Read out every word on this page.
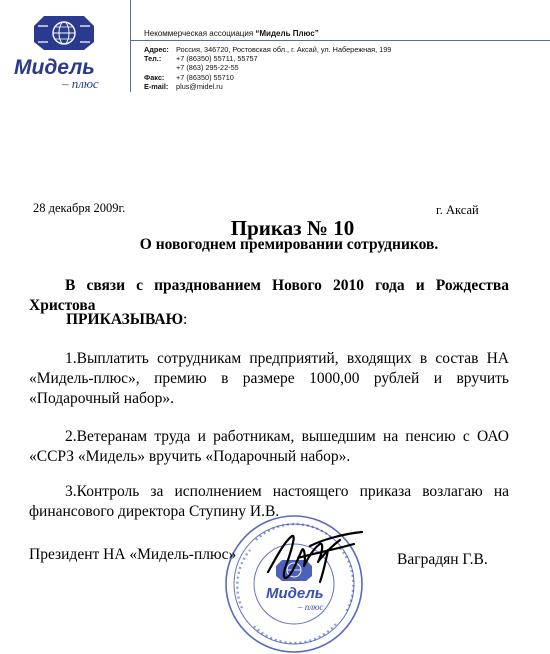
Мидель
– плюс
Некоммерческая ассоциация “Мидель Плюс”
Адрес: Россия, 346720, Ростовская обл., г. Аксай, ул. Набережная, 199
Тел.: +7 (86350) 55711, 55757
+7 (863) 295-22-55
Факс: +7 (86350) 55710
E-mail: plus@midel.ru
28 декабря 2009г.	г. Аксай
Приказ № 10
О новогоднем премировании сотрудников.
В связи с празднованием Нового 2010 года и Рождества Христова
ПРИКАЗЫВАЮ:
1.Выплатить сотрудникам предприятий, входящих в состав НА «Мидель-плюс», премию в размере 1000,00 рублей и вручить «Подарочный набор».
2.Ветеранам труда и работникам, вышедшим на пенсию с ОАО «ССРЗ «Мидель» вручить «Подарочный набор».
3.Контроль за исполнением настоящего приказа возлагаю на финансового директора Ступину И.В.
Мидель
– плюс
Президент НА «Мидель-плюс»	Ваградян Г.В.
